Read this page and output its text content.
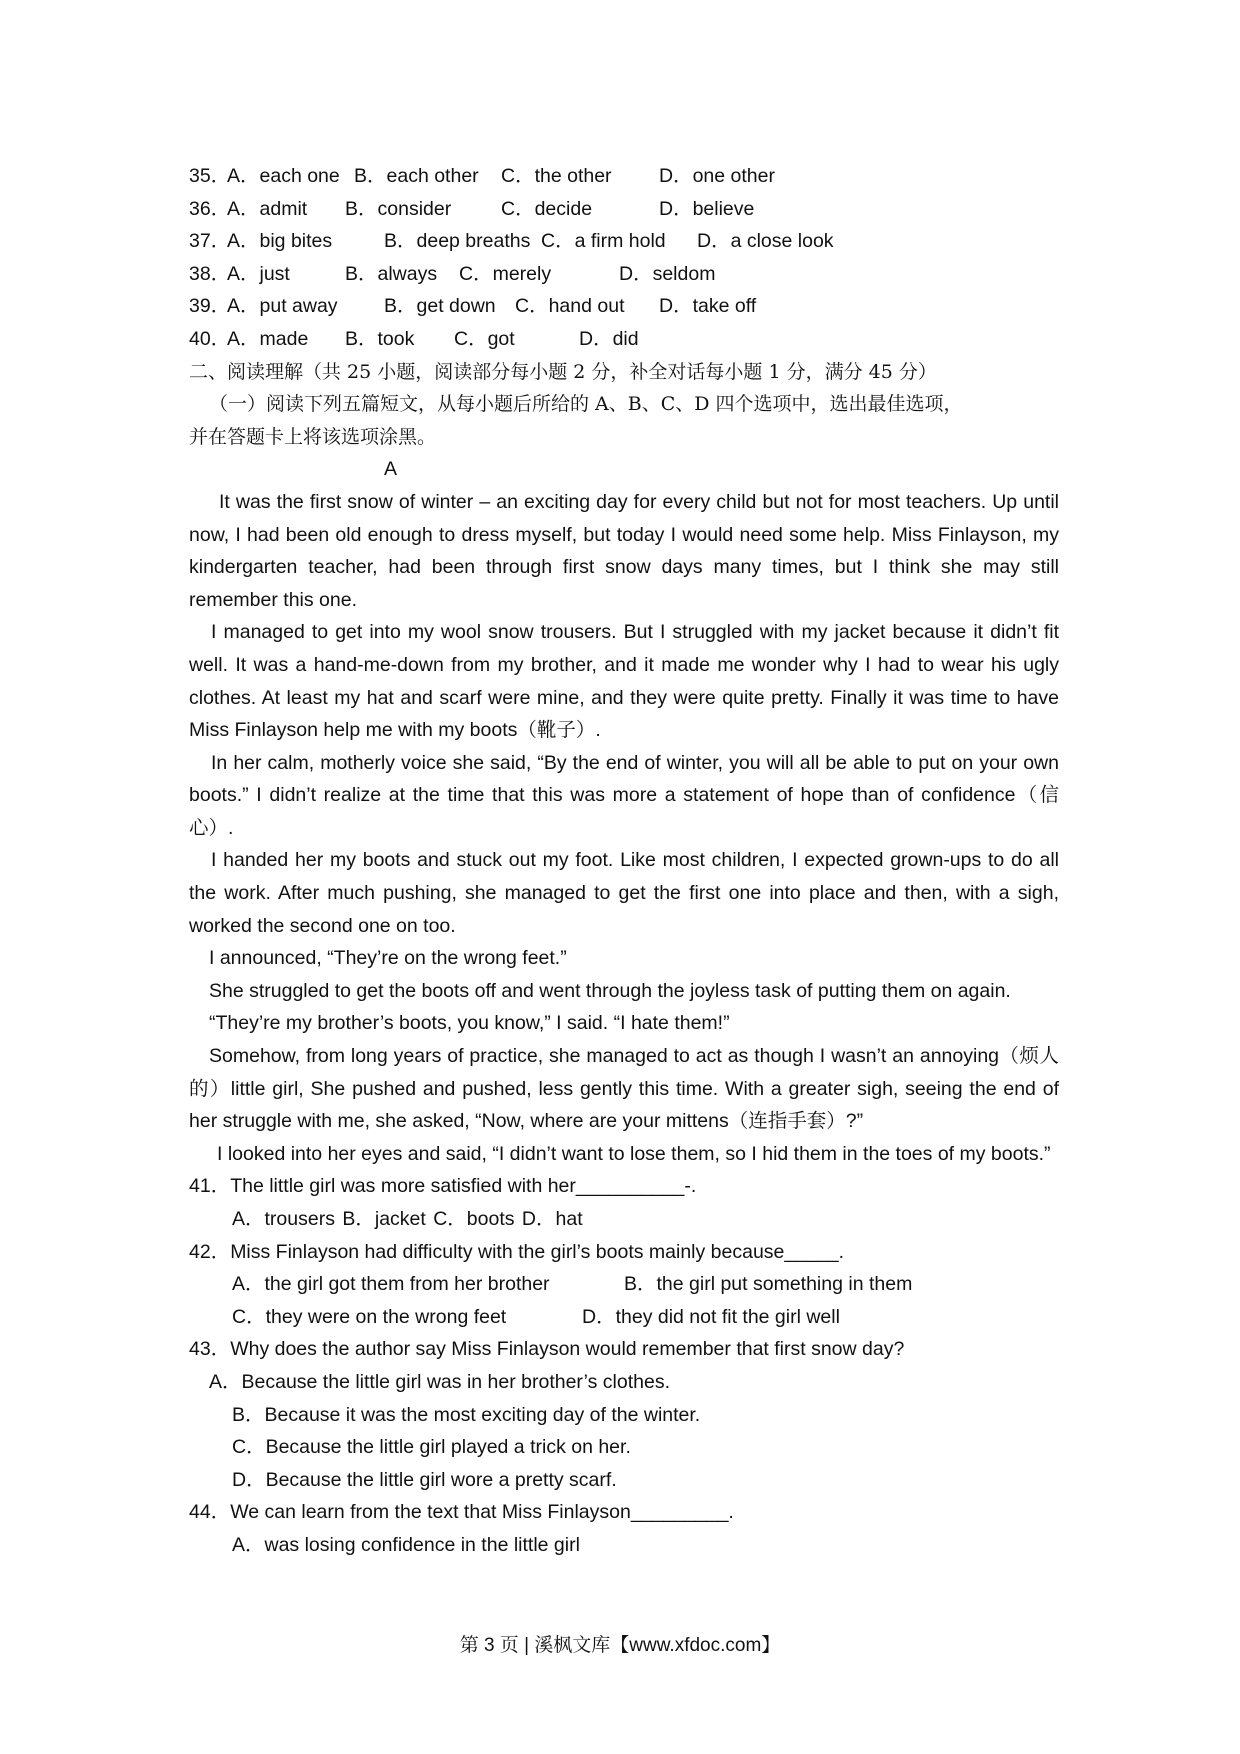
35．
A．each one B．each other C．the other D．one other
36．
A．admit B．consider	C．decide	D．believe
37．
A．big bites	B．deep breaths C．a firm hold D．a close look
38．
A．just	B．always C．merely	D．seldom
39．
A．put away B．get down C．hand out D．take off
40．
A．made B．took C．got	D．did
二、阅读理解（共 25 小题，阅读部分每小题 2 分，补全对话每小题 1 分，满分 45 分）
（一）阅读下列五篇短文，从每小题后所给的 A、B、C、D 四个选项中，选出最佳选项，
并在答题卡上将该选项涂黑。
A

It was the first snow of winter – an exciting day for every child but not for most teachers. Up until now, I had been old enough to dress myself, but today I would need some help. Miss Finlayson, my kindergarten teacher, had been through first snow days many times, but I think she may still remember this one.

I managed to get into my wool snow trousers. But I struggled with my jacket because it didn’t fit well. It was a hand-me-down from my brother, and it made me wonder why I had to wear his ugly clothes. At least my hat and scarf were mine, and they were quite pretty. Finally it was time to have Miss Finlayson help me with my boots（靴子）.

In her calm, motherly voice she said, “By the end of winter, you will all be able to put on your own boots.” I didn’t realize at the time that this was more a statement of hope than of confidence（信心）.

I handed her my boots and stuck out my foot. Like most children, I expected grown-ups to do all the work. After much pushing, she managed to get the first one into place and then, with a sigh, worked the second one on too.

I announced, “They’re on the wrong feet.”

She struggled to get the boots off and went through the joyless task of putting them on again.

“They’re my brother’s boots, you know,” I said. “I hate them!”

Somehow, from long years of practice, she managed to act as though I wasn’t an annoying（烦人的）little girl, She pushed and pushed, less gently this time. With a greater sigh, seeing the end of her struggle with me, she asked, “Now, where are your mittens（连指手套）?”

I looked into her eyes and said, “I didn’t want to lose them, so I hid them in the toes of my boots.”

41．The little girl was more satisfied with her__________-.
A．trousers B．jacket C．boots D．hat
42．Miss Finlayson had difficulty with the girl’s boots mainly because_____.
A．the girl got them from her brother	B．the girl put something in them
C．they were on the wrong feet	D．they did not fit the girl well
43．Why does the author say Miss Finlayson would remember that first snow day?
A．Because the little girl was in her brother’s clothes.
B．Because it was the most exciting day of the winter.
C．Because the little girl played a trick on her.
D．Because the little girl wore a pretty scarf.
44．We can learn from the text that Miss Finlayson_________.
A．was losing confidence in the little girl
第 3 页 | 溪枫文库【www.xfdoc.com】
